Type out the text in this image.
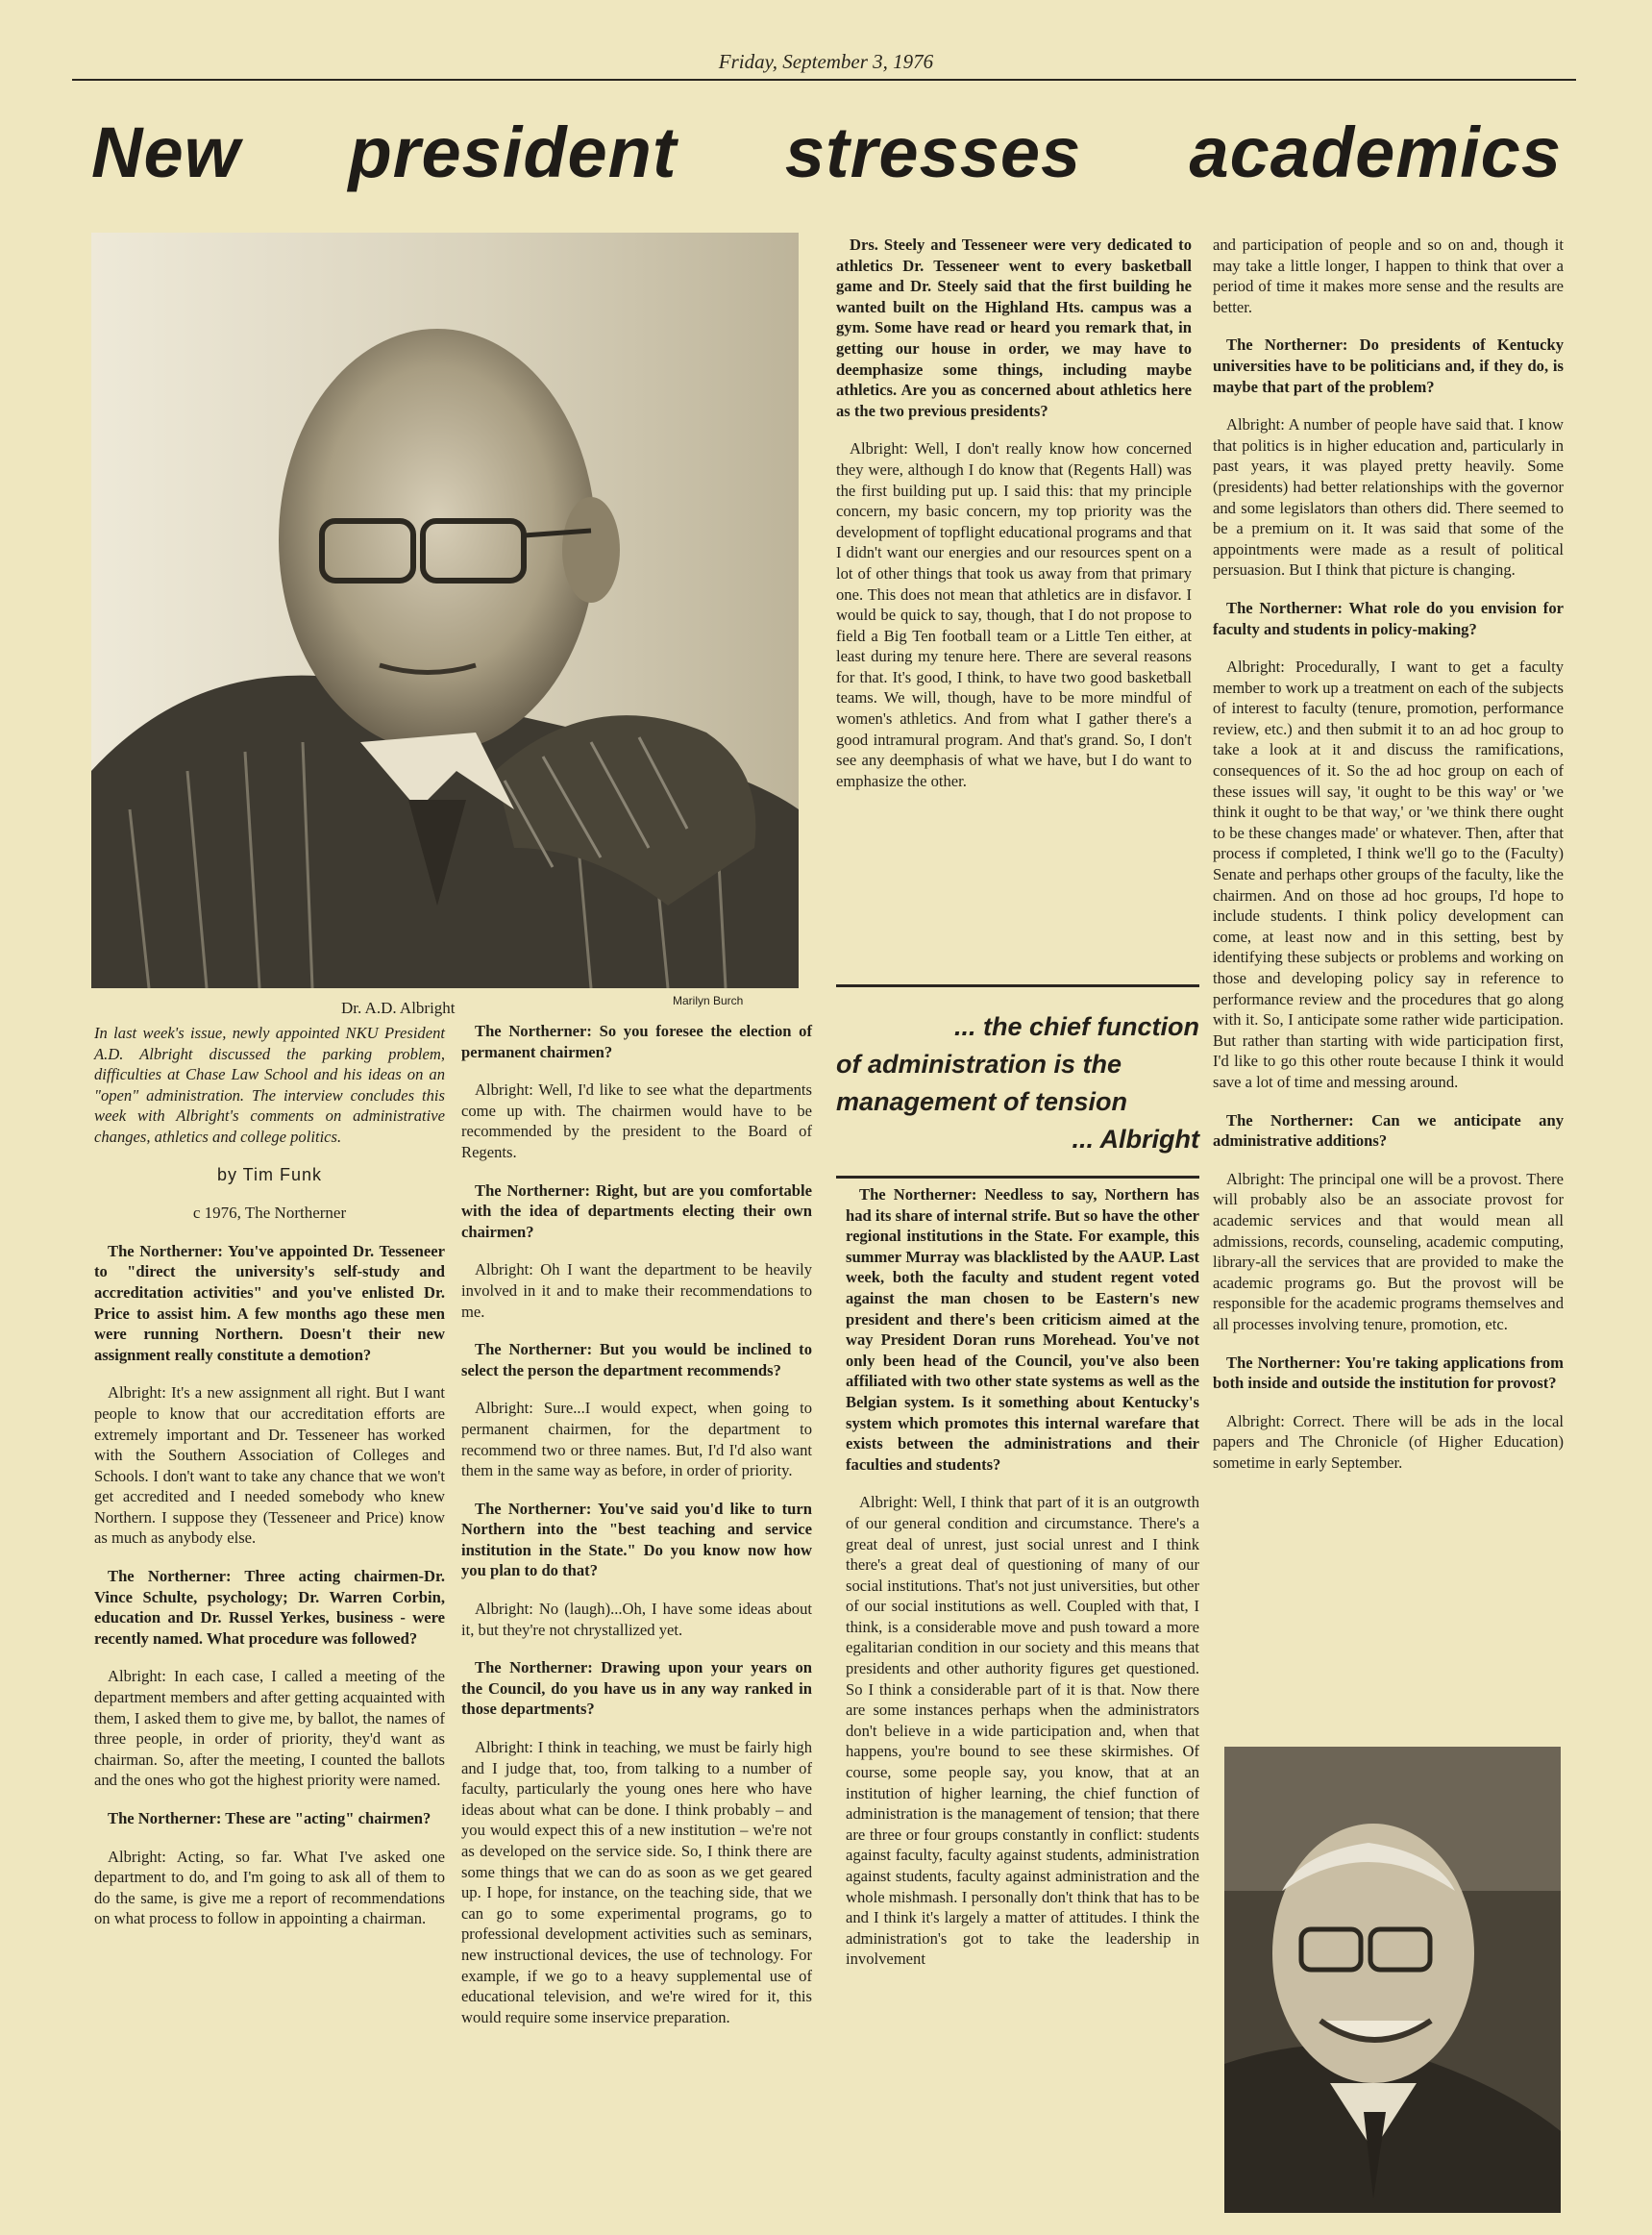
Friday, September 3, 1976
New president stresses academics
Dr. A.D. Albright	Marilyn Burch

In last week's issue, newly appointed NKU President A.D. Albright discussed the parking problem, difficulties at Chase Law School and his ideas on an "open" administration. The interview concludes this week with Albright's comments on administrative changes, athletics and college politics.

by Tim Funk

c 1976, The Northerner

The Northerner: You've appointed Dr. Tesseneer to "direct the university's self-study and accreditation activities" and you've enlisted Dr. Price to assist him. A few months ago these men were running Northern. Doesn't their new assignment really constitute a demotion?

Albright: It's a new assignment all right. But I want people to know that our accreditation efforts are extremely important and Dr. Tesseneer has worked with the Southern Association of Colleges and Schools. I don't want to take any chance that we won't get accredited and I needed somebody who knew Northern. I suppose they (Tesseneer and Price) know as much as anybody else.

The Northerner: Three acting chairmen-Dr. Vince Schulte, psychology; Dr. Warren Corbin, education and Dr. Russel Yerkes, business - were recently named. What procedure was followed?

Albright: In each case, I called a meeting of the department members and after getting acquainted with them, I asked them to give me, by ballot, the names of three people, in order of priority, they'd want as chairman. So, after the meeting, I counted the ballots and the ones who got the highest priority were named.

The Northerner: These are "acting" chairmen?

Albright: Acting, so far. What I've asked one department to do, and I'm going to ask all of them to do the same, is give me a report of recommendations on what process to follow in appointing a chairman.

The Northerner: So you foresee the election of permanent chairmen?

Albright: Well, I'd like to see what the departments come up with. The chairmen would have to be recommended by the president to the Board of Regents.

The Northerner: Right, but are you comfortable with the idea of departments electing their own chairmen?

Albright: Oh I want the department to be heavily involved in it and to make their recommendations to me.

The Northerner: But you would be inclined to select the person the department recommends?

Albright: Sure...I would expect, when going to permanent chairmen, for the department to recommend two or three names. But, I'd I'd also want them in the same way as before, in order of priority.

The Northerner: You've said you'd like to turn Northern into the "best teaching and service institution in the State." Do you know now how you plan to do that?

Albright: No (laugh)...Oh, I have some ideas about it, but they're not chrystallized yet.

The Northerner: Drawing upon your years on the Council, do you have us in any way ranked in those departments?

Albright: I think in teaching, we must be fairly high and I judge that, too, from talking to a number of faculty, particularly the young ones here who have ideas about what can be done. I think probably – and you would expect this of a new institution – we're not as developed on the service side. So, I think there are some things that we can do as soon as we get geared up. I hope, for instance, on the teaching side, that we can go to some experimental programs, go to professional development activities such as seminars, new instructional devices, the use of technology. For example, if we go to a heavy supplemental use of educational television, and we're wired for it, this would require some inservice preparation.

Drs. Steely and Tesseneer were very dedicated to athletics Dr. Tesseneer went to every basketball game and Dr. Steely said that the first building he wanted built on the Highland Hts. campus was a gym. Some have read or heard you remark that, in getting our house in order, we may have to deemphasize some things, including maybe athletics. Are you as concerned about athletics here as the two previous presidents?

Albright: Well, I don't really know how concerned they were, although I do know that (Regents Hall) was the first building put up. I said this: that my principle concern, my basic concern, my top priority was the development of topflight educational programs and that I didn't want our energies and our resources spent on a lot of other things that took us away from that primary one. This does not mean that athletics are in disfavor. I would be quick to say, though, that I do not propose to field a Big Ten football team or a Little Ten either, at least during my tenure here. There are several reasons for that. It's good, I think, to have two good basketball teams. We will, though, have to be more mindful of women's athletics. And from what I gather there's a good intramural program. And that's grand. So, I don't see any deemphasis of what we have, but I do want to emphasize the other.

... the chief function
of administration is the
management of tension
... Albright

The Northerner: Needless to say, Northern has had its share of internal strife. But so have the other regional institutions in the State. For example, this summer Murray was blacklisted by the AAUP. Last week, both the faculty and student regent voted against the man chosen to be Eastern's new president and there's been criticism aimed at the way President Doran runs Morehead. You've not only been head of the Council, you've also been affiliated with two other state systems as well as the Belgian system. Is it something about Kentucky's system which promotes this internal warefare that exists between the administrations and their faculties and students?

Albright: Well, I think that part of it is an outgrowth of our general condition and circumstance. There's a great deal of unrest, just social unrest and I think there's a great deal of questioning of many of our social institutions. That's not just universities, but other of our social institutions as well. Coupled with that, I think, is a considerable move and push toward a more egalitarian condition in our society and this means that presidents and other authority figures get questioned. So I think a considerable part of it is that. Now there are some instances perhaps when the administrators don't believe in a wide participation and, when that happens, you're bound to see these skirmishes. Of course, some people say, you know, that at an institution of higher learning, the chief function of administration is the management of tension; that there are three or four groups constantly in conflict: students against faculty, faculty against students, administration against students, faculty against administration and the whole mishmash. I personally don't think that has to be and I think it's largely a matter of attitudes. I think the administration's got to take the leadership in involvement

and participation of people and so on and, though it may take a little longer, I happen to think that over a period of time it makes more sense and the results are better.

The Northerner: Do presidents of Kentucky universities have to be politicians and, if they do, is maybe that part of the problem?

Albright: A number of people have said that. I know that politics is in higher education and, particularly in past years, it was played pretty heavily. Some (presidents) had better relationships with the governor and some legislators than others did. There seemed to be a premium on it. It was said that some of the appointments were made as a result of political persuasion. But I think that picture is changing.

The Northerner: What role do you envision for faculty and students in policy-making?

Albright: Procedurally, I want to get a faculty member to work up a treatment on each of the subjects of interest to faculty (tenure, promotion, performance review, etc.) and then submit it to an ad hoc group to take a look at it and discuss the ramifications, consequences of it. So the ad hoc group on each of these issues will say, 'it ought to be this way' or 'we think it ought to be that way,' or 'we think there ought to be these changes made' or whatever. Then, after that process if completed, I think we'll go to the (Faculty) Senate and perhaps other groups of the faculty, like the chairmen. And on those ad hoc groups, I'd hope to include students. I think policy development can come, at least now and in this setting, best by identifying these subjects or problems and working on those and developing policy say in reference to performance review and the procedures that go along with it. So, I anticipate some rather wide participation. But rather than starting with wide participation first, I'd like to go this other route because I think it would save a lot of time and messing around.

The Northerner: Can we anticipate any administrative additions?

Albright: The principal one will be a provost. There will probably also be an associate provost for academic services and that would mean all admissions, records, counseling, academic computing, library-all the services that are provided to make the academic programs go. But the provost will be responsible for the academic programs themselves and all processes involving tenure, promotion, etc.

The Northerner: You're taking applications from both inside and outside the institution for provost?

Albright: Correct. There will be ads in the local papers and The Chronicle (of Higher Education) sometime in early September.
